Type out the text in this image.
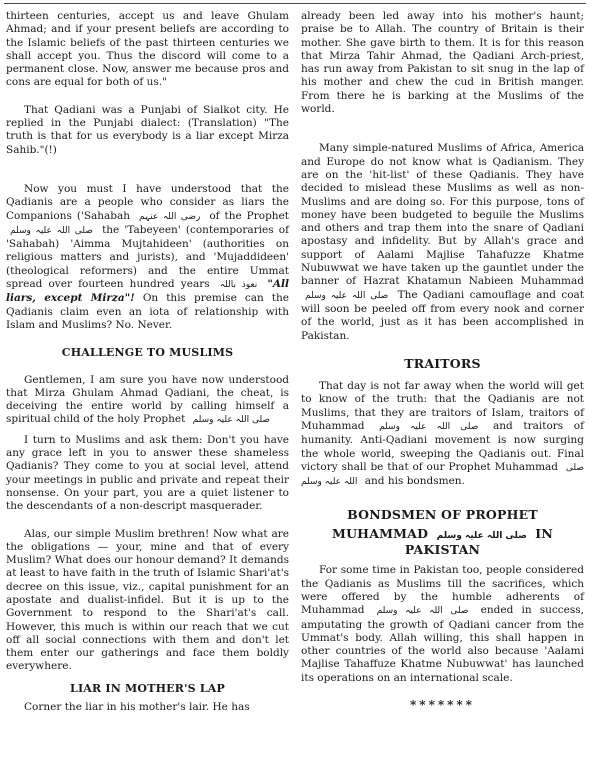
thirteen centuries, accept us and leave Ghulam Ahmad; and if your present beliefs are according to the Islamic beliefs of the past thirteen centuries we shall accept you. Thus the discord will come to a permanent close. Now, answer me because pros and cons are equal for both of us."

That Qadiani was a Punjabi of Sialkot city. He replied in the Punjabi dialect: (Translation) "The truth is that for us everybody is a liar except Mirza Sahib."(!)

Now you must I have understood that the Qadianis are a people who consider as liars the Companions ('Sahabah رضی اللہ عنہم of the Prophet صلی اللہ علیہ وسلم the 'Tabeyeen' (contemporaries of 'Sahabah) 'Aimma Mujtahideen' (authorities on religious matters and jurists), and 'Mujaddideen' (theological reformers) and the entire Ummat spread over fourteen hundred years نعوذ باللہ "All liars, except Mirza"! On this premise can the Qadianis claim even an iota of relationship with Islam and Muslims? No. Never.

CHALLENGE TO MUSLIMS

Gentlemen, I am sure you have now understood that Mirza Ghulam Ahmad Qadiani, the cheat, is deceiving the entire world by calling himself a spiritual child of the holy Prophet صلی اللہ علیہ وسلم

I turn to Muslims and ask them: Don't you have any grace left in you to answer these shameless Qadianis? They come to you at social level, attend your meetings in public and private and repeat their nonsense. On your part, you are a quiet listener to the descendants of a non-descript masquerader.

Alas, our simple Muslim brethren! Now what are the obligations — your, mine and that of every Muslim? What does our honour demand? It demands at least to have faith in the truth of Islamic Shari'at's decree on this issue, viz., capital punishment for an apostate and dualist-infidel. But it is up to the Government to respond to the Shari'at's call. However, this much is within our reach that we cut off all social connections with them and don't let them enter our gatherings and face them boldly everywhere.

LIAR IN MOTHER'S LAP

Corner the liar in his mother's lair. He has

already been led away into his mother's haunt; praise be to Allah. The country of Britain is their mother. She gave birth to them. It is for this reason that Mirza Tahir Ahmad, the Qadiani Arch-priest, has run away from Pakistan to sit snug in the lap of his mother and chew the cud in British manger. From there he is barking at the Muslims of the world.

Many simple-natured Muslims of Africa, America and Europe do not know what is Qadianism. They are on the 'hit-list' of these Qadianis. They have decided to mislead these Muslims as well as non-Muslims and are doing so. For this purpose, tons of money have been budgeted to beguile the Muslims and others and trap them into the snare of Qadiani apostasy and infidelity. But by Allah's grace and support of Aalami Majlise Tahafuzze Khatme Nubuwwat we have taken up the gauntlet under the banner of Hazrat Khatamun Nabieen Muhammad صلی اللہ علیہ وسلم The Qadiani camouflage and coat will soon be peeled off from every nook and corner of the world, just as it has been accomplished in Pakistan.

TRAITORS

That day is not far away when the world will get to know of the truth: that the Qadianis are not Muslims, that they are traitors of Islam, traitors of Muhammad صلی اللہ علیہ وسلم and traitors of humanity. Anti-Qadiani movement is now surging the whole world, sweeping the Qadianis out. Final victory shall be that of our Prophet Muhammad صلی اللہ علیہ وسلم and his bondsmen.

BONDSMEN OF PROPHET
MUHAMMAD صلی اللہ علیہ وسلم IN PAKISTAN

For some time in Pakistan too, people considered the Qadianis as Muslims till the sacrifices, which were offered by the humble adherents of Muhammad صلی اللہ علیہ وسلم ended in success, amputating the growth of Qadiani cancer from the Ummat's body. Allah willing, this shall happen in other countries of the world also because 'Aalami Majlise Tahaffuze Khatme Nubuwwat' has launched its operations on an international scale.

*******
